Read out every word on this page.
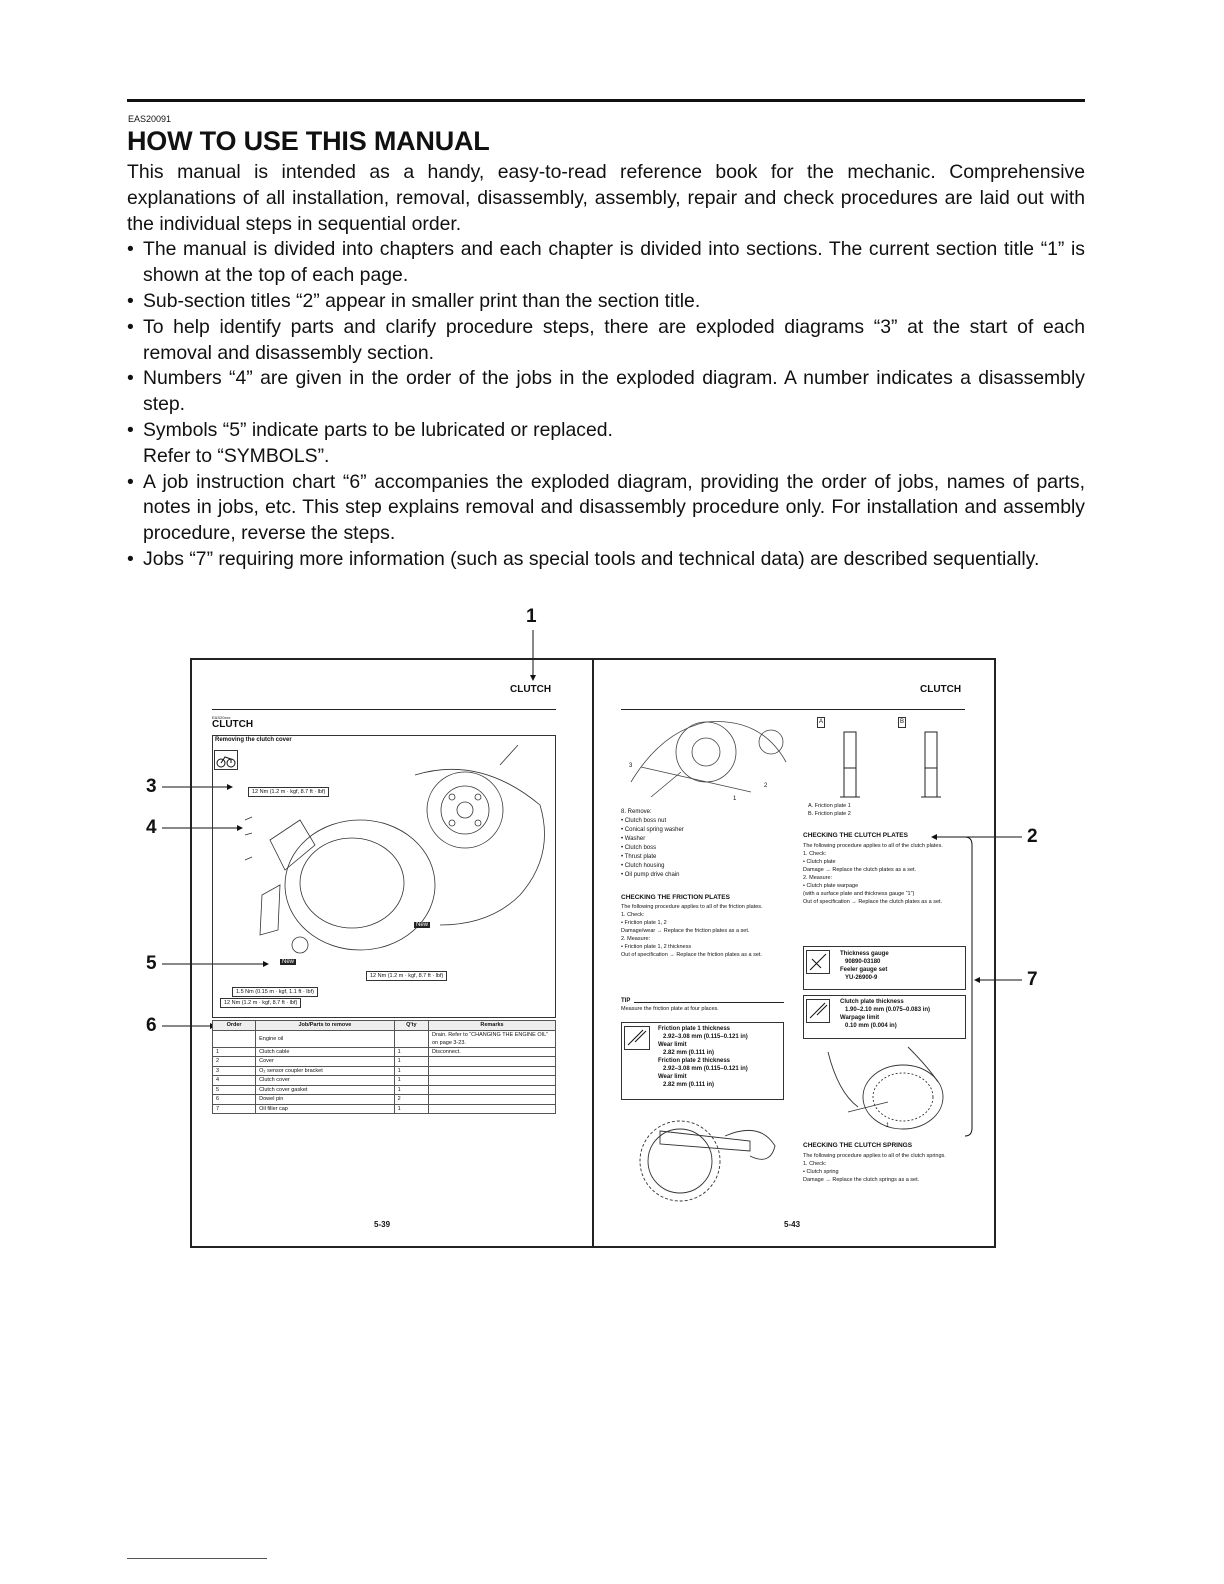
EAS20091
HOW TO USE THIS MANUAL

This manual is intended as a handy, easy-to-read reference book for the mechanic. Comprehensive explanations of all installation, removal, disassembly, assembly, repair and check procedures are laid out with the individual steps in sequential order.

• The manual is divided into chapters and each chapter is divided into sections. The current section title “1” is shown at the top of each page.
• Sub-section titles “2” appear in smaller print than the section title.
• To help identify parts and clarify procedure steps, there are exploded diagrams “3” at the start of each removal and disassembly section.
• Numbers “4” are given in the order of the jobs in the exploded diagram. A number indicates a disassembly step.
• Symbols “5” indicate parts to be lubricated or replaced.
Refer to “SYMBOLS”.
• A job instruction chart “6” accompanies the exploded diagram, providing the order of jobs, names of parts, notes in jobs, etc. This step explains removal and disassembly procedure only. For installation and assembly procedure, reverse the steps.
• Jobs “7” requiring more information (such as special tools and technical data) are described sequentially.
1
2
3
4
5
6
7
CLUTCH
EAS20xxx
CLUTCH
Removing the clutch cover
12 Nm (1.2 m · kgf, 8.7 ft · lbf)
12 Nm (1.2 m · kgf, 8.7 ft · lbf)
1.5 Nm (0.15 m · kgf, 1.1 ft · lbf)
12 Nm (1.2 m · kgf, 8.7 ft · lbf)
New
New
Order	Job/Parts to remove	Q'ty	Remarks
	Engine oil		Drain. Refer to “CHANGING THE ENGINE OIL” on page 3-23.
1	Clutch cable	1	Disconnect.
2	Cover	1	
3	O₂ sensor coupler bracket	1	
4	Clutch cover	1	
5	Clutch cover gasket	1	
6	Dowel pin	2	
7	Oil filler cap	1	
5-39
CLUTCH
3
1
2
8. Remove:
• Clutch boss nut
• Conical spring washer
• Washer
• Clutch boss
• Thrust plate
• Clutch housing
• Oil pump drive chain
CHECKING THE FRICTION PLATES
The following procedure applies to all of the friction plates.
1. Check:
• Friction plate 1, 2
Damage/wear → Replace the friction plates as a set.
2. Measure:
• Friction plate 1, 2 thickness
Out of specification → Replace the friction plates as a set.
TIP
Measure the friction plate at four places.
Friction plate 1 thickness
2.92–3.08 mm (0.115–0.121 in)
Wear limit
2.82 mm (0.111 in)
Friction plate 2 thickness
2.92–3.08 mm (0.115–0.121 in)
Wear limit
2.82 mm (0.111 in)
A	B
A. Friction plate 1
B. Friction plate 2
CHECKING THE CLUTCH PLATES
The following procedure applies to all of the clutch plates.
1. Check:
• Clutch plate
Damage → Replace the clutch plates as a set.
2. Measure:
• Clutch plate warpage
(with a surface plate and thickness gauge “1”)
Out of specification → Replace the clutch plates as a set.
Thickness gauge
90890-03180
Feeler gauge set
YU-26900-9
Clutch plate thickness
1.90–2.10 mm (0.075–0.083 in)
Warpage limit
0.10 mm (0.004 in)
1
CHECKING THE CLUTCH SPRINGS
The following procedure applies to all of the clutch springs.
1. Check:
• Clutch spring
Damage → Replace the clutch springs as a set.
5-43
